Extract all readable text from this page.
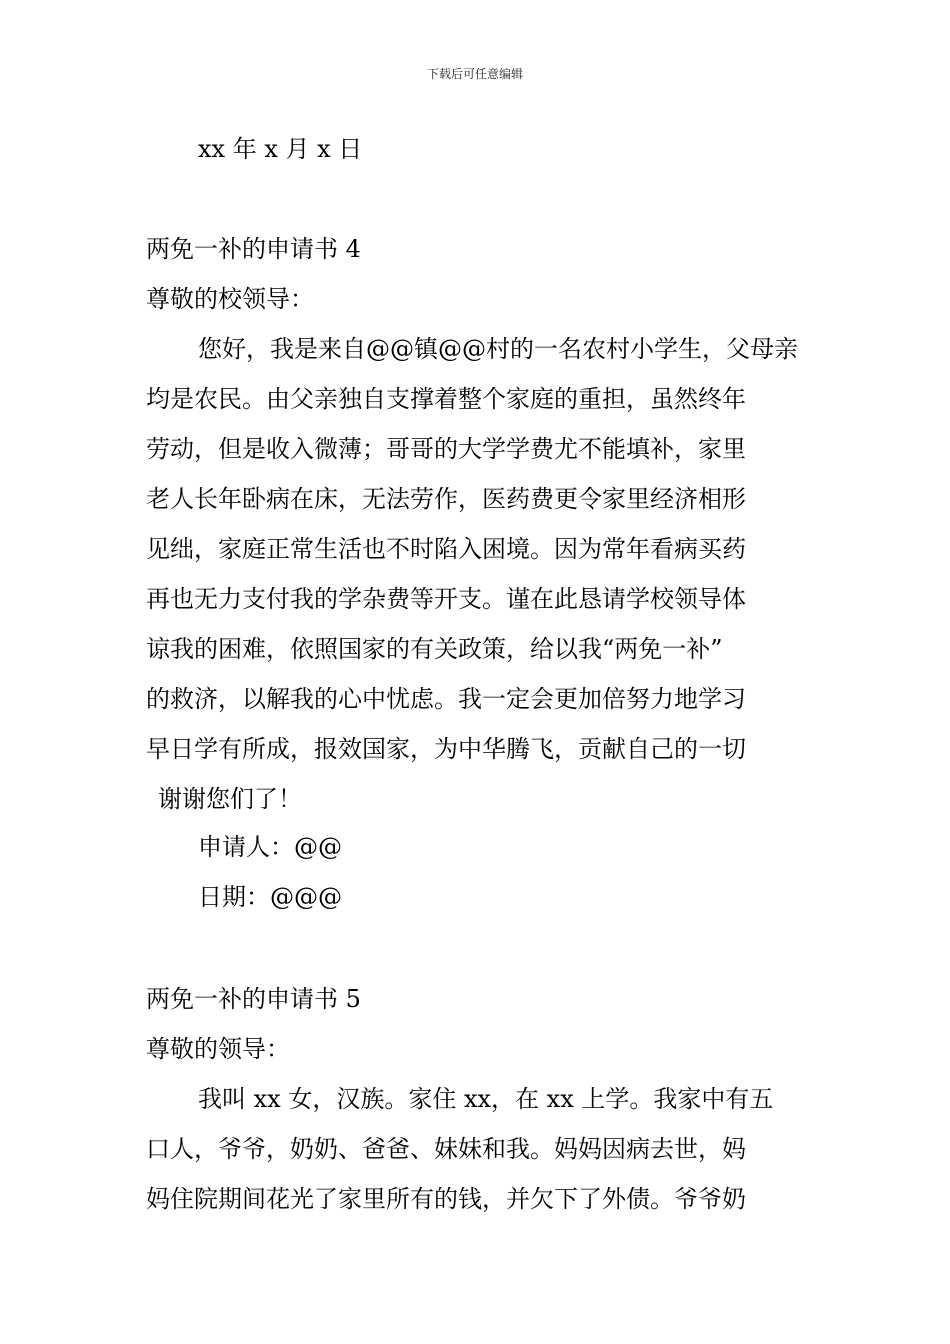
下载后可任意编辑
xx 年 x 月 x 日
两免一补的申请书 4
尊敬的校领导：
您好，我是来自@@镇@@村的一名农村小学生，父母亲
均是农民。由父亲独自支撑着整个家庭的重担，虽然终年
劳动，但是收入微薄；哥哥的大学学费尤不能填补，家里
老人长年卧病在床，无法劳作，医药费更令家里经济相形
见绌，家庭正常生活也不时陷入困境。因为常年看病买药
再也无力支付我的学杂费等开支。谨在此恳请学校领导体
谅我的困难，依照国家的有关政策，给以我“两免一补”
的救济，以解我的心中忧虑。我一定会更加倍努力地学习
早日学有所成，报效国家，为中华腾飞，贡献自己的一切
谢谢您们了！
申请人：@@
日期：@@@
两免一补的申请书 5
尊敬的领导：
我叫 xx 女，汉族。家住 xx，在 xx 上学。我家中有五
口人，爷爷，奶奶、爸爸、妹妹和我。妈妈因病去世，妈
妈住院期间花光了家里所有的钱，并欠下了外债。爷爷奶
